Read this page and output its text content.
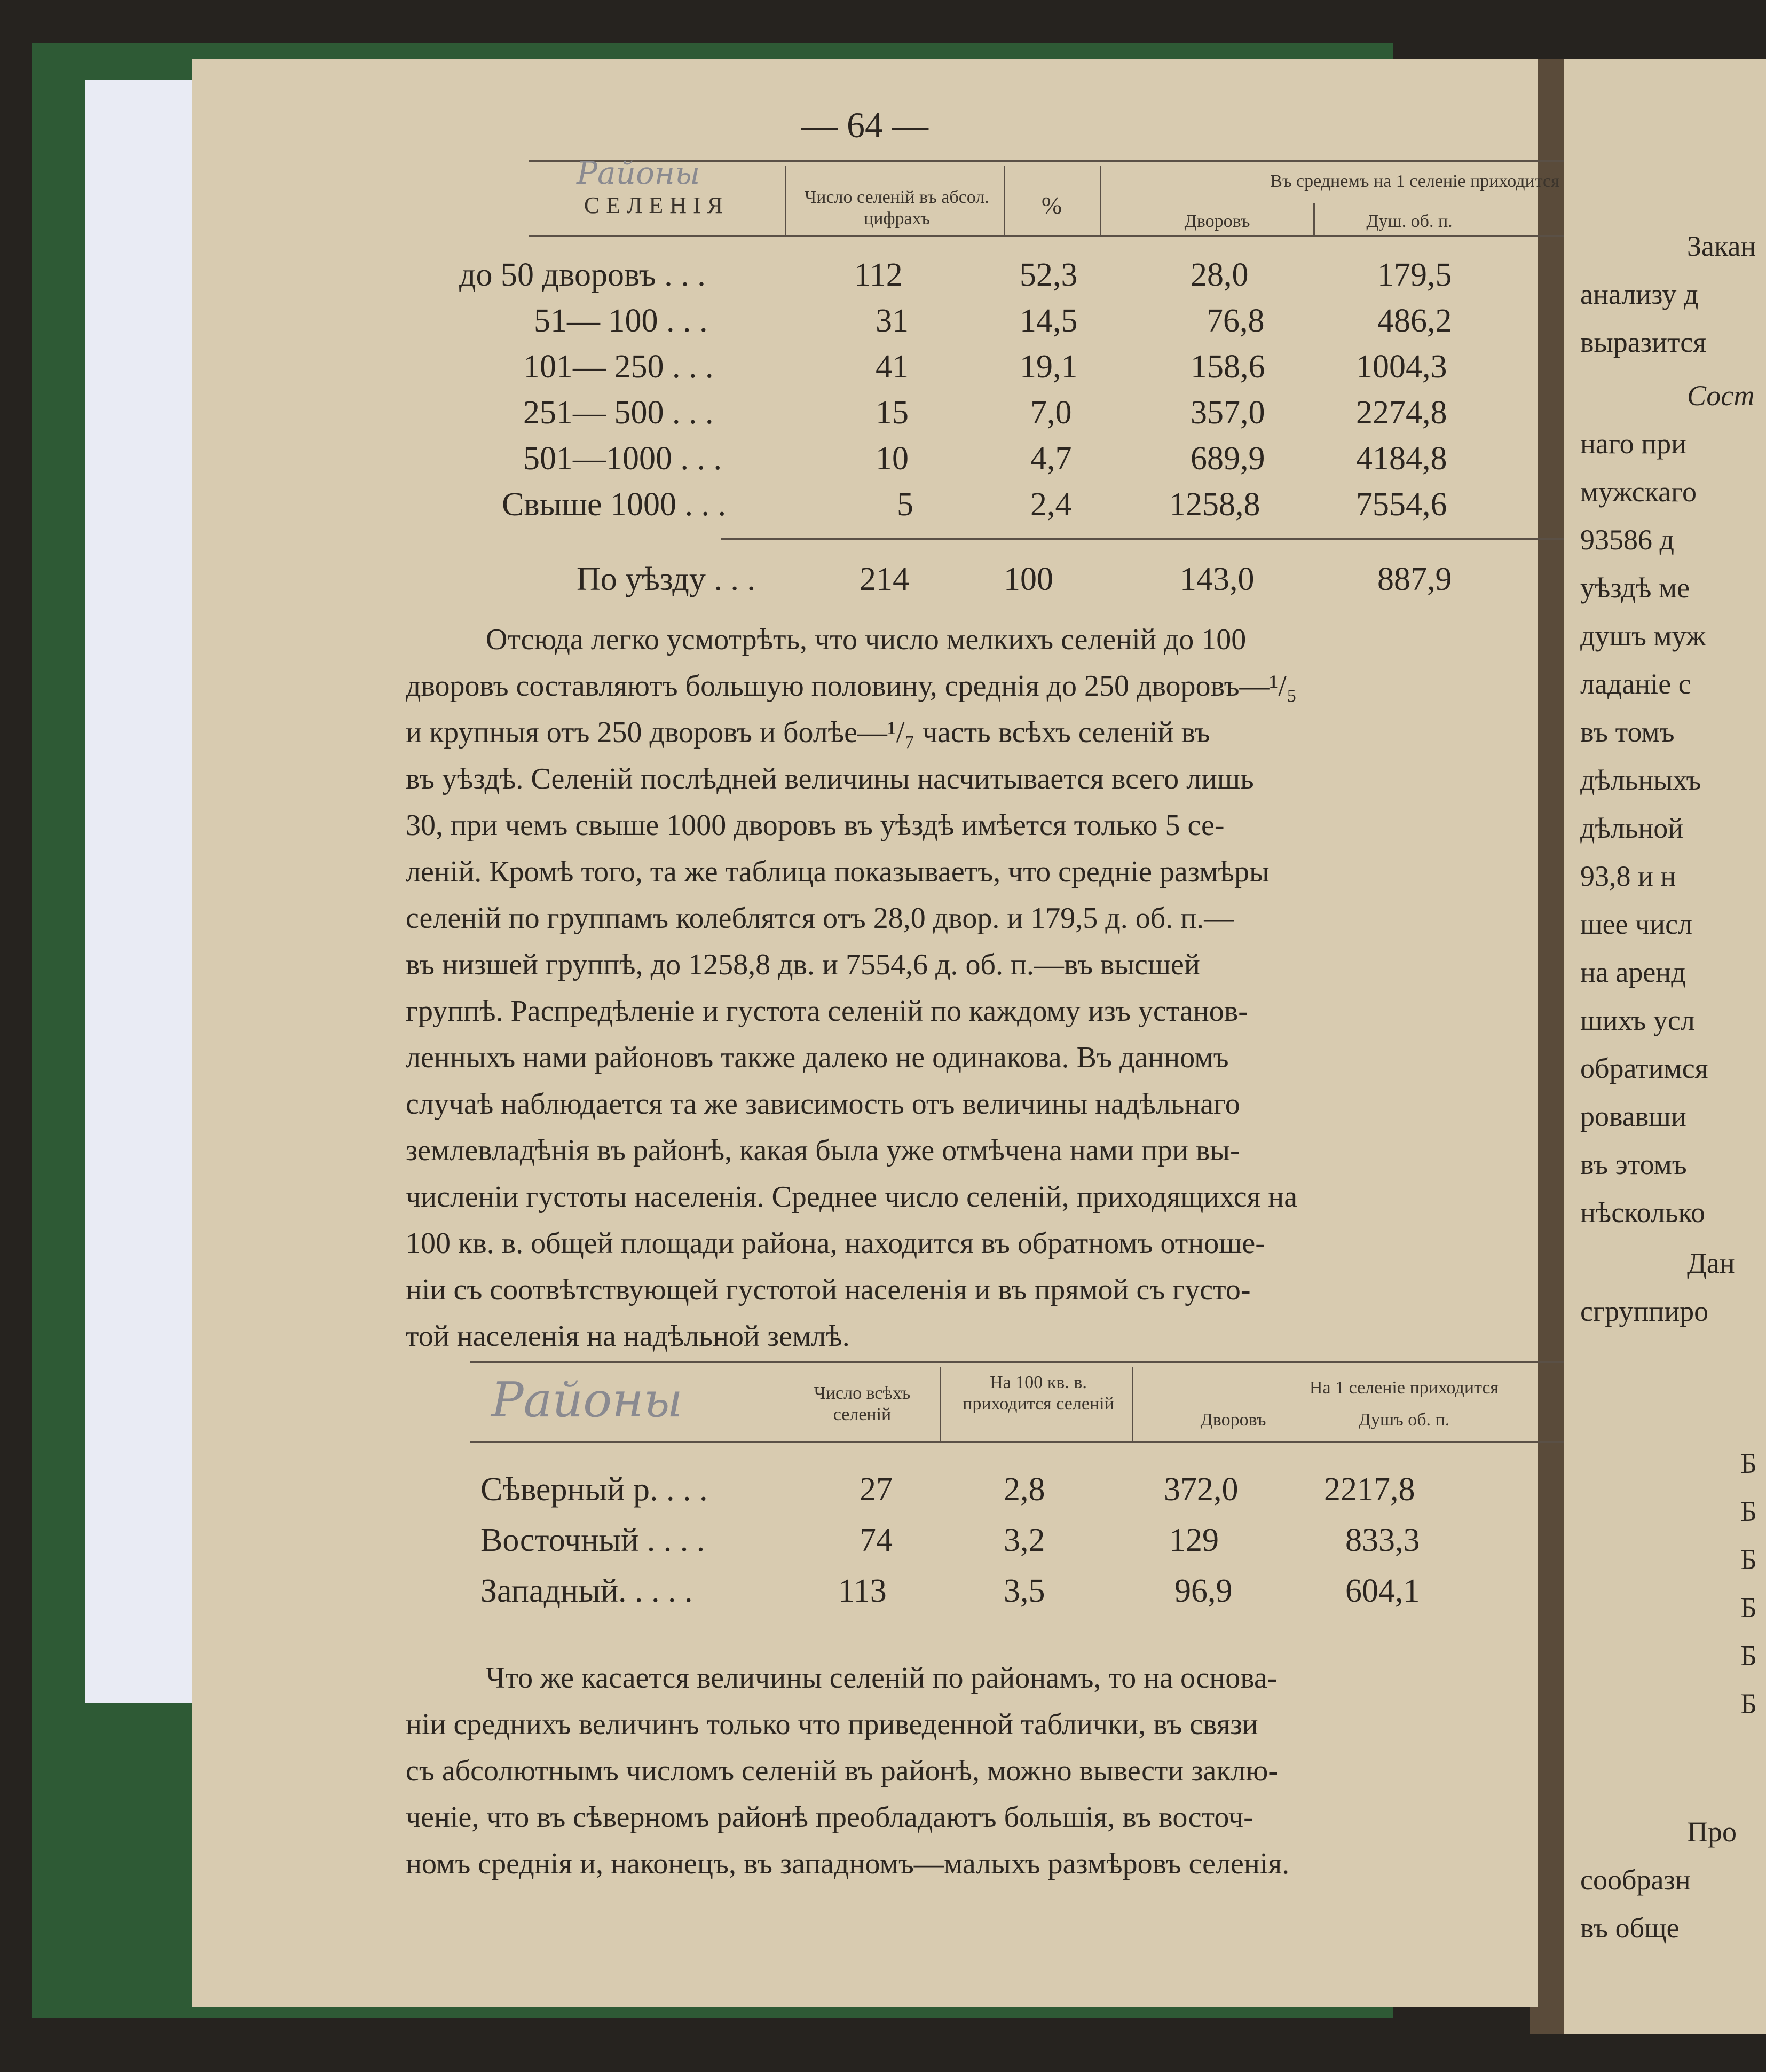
— 64 —
Районы
СЕЛЕНІЯ	Число селеній въ абсол. цифрахъ	%
Въ среднемъ на 1 селеніе приходится
Дворовъ	Душ. об. п.
до 50 дворовъ . . .	112	52,3	28,0	179,5
51— 100 . . .	31	14,5	76,8	486,2
101— 250 . . .	41	19,1	158,6	1004,3
251— 500 . . .	15	7,0	357,0	2274,8
501—1000 . . .	10	4,7	689,9	4184,8
Свыше 1000 . . .	5	2,4	1258,8	7554,6
По уѣзду . . .	214	100	143,0	887,9

Отсюда легко усмотрѣть, что число мелкихъ селеній до 100

дворовъ составляютъ большую половину, среднія до 250 дворовъ—¹/₅

и крупныя отъ 250 дворовъ и болѣе—¹/₇ часть всѣхъ селеній въ

въ уѣздѣ. Селеній послѣдней величины насчитывается всего лишь

30, при чемъ свыше 1000 дворовъ въ уѣздѣ имѣется только 5 се-

леній. Кромѣ того, та же таблица показываетъ, что средніе размѣры

селеній по группамъ колеблятся отъ 28,0 двор. и 179,5 д. об. п.—

въ низшей группѣ, до 1258,8 дв. и 7554,6 д. об. п.—въ высшей

группѣ. Распредѣленіе и густота селеній по каждому изъ установ-

ленныхъ нами районовъ также далеко не одинакова. Въ данномъ

случаѣ наблюдается та же зависимость отъ величины надѣльнаго

землевладѣнія въ районѣ, какая была уже отмѣчена нами при вы-

численіи густоты населенія. Среднее число селеній, приходящихся на

100 кв. в. общей площади района, находится въ обратномъ отноше-

ніи съ соотвѣтствующей густотой населенія и въ прямой съ густо-

той населенія на надѣльной землѣ.

Районы	Число всѣхъ селеній
На 100 кв. в. приходится селеній
На 1 селеніе приходится
Дворовъ	Душъ об. п.
Сѣверный р. . . .	27	2,8	372,0	2217,8
Восточный . . . .	74	3,2	129	833,3
Западный. . . . .	113	3,5	96,9	604,1

Что же касается величины селеній по районамъ, то на основа-

ніи среднихъ величинъ только что приведенной таблички, въ связи

съ абсолютнымъ числомъ селеній въ районѣ, можно вывести заклю-

ченіе, что въ сѣверномъ районѣ преобладаютъ большія, въ восточ-

номъ среднія и, наконецъ, въ западномъ—малыхъ размѣровъ селенія.

Закан
анализу д
выразится
Сост
наго при
мужскаго
93586 д
уѣздѣ ме
душъ муж
ладаніе с
въ томъ
дѣльныхъ
дѣльной
93,8 и н
шее числ
на аренд
шихъ усл
обратимся
ровавши
въ этомъ
нѣсколько
Дан
сгруппиро
Б
Б
Б
Б
Б
Б
Про
сообразн
въ обще
